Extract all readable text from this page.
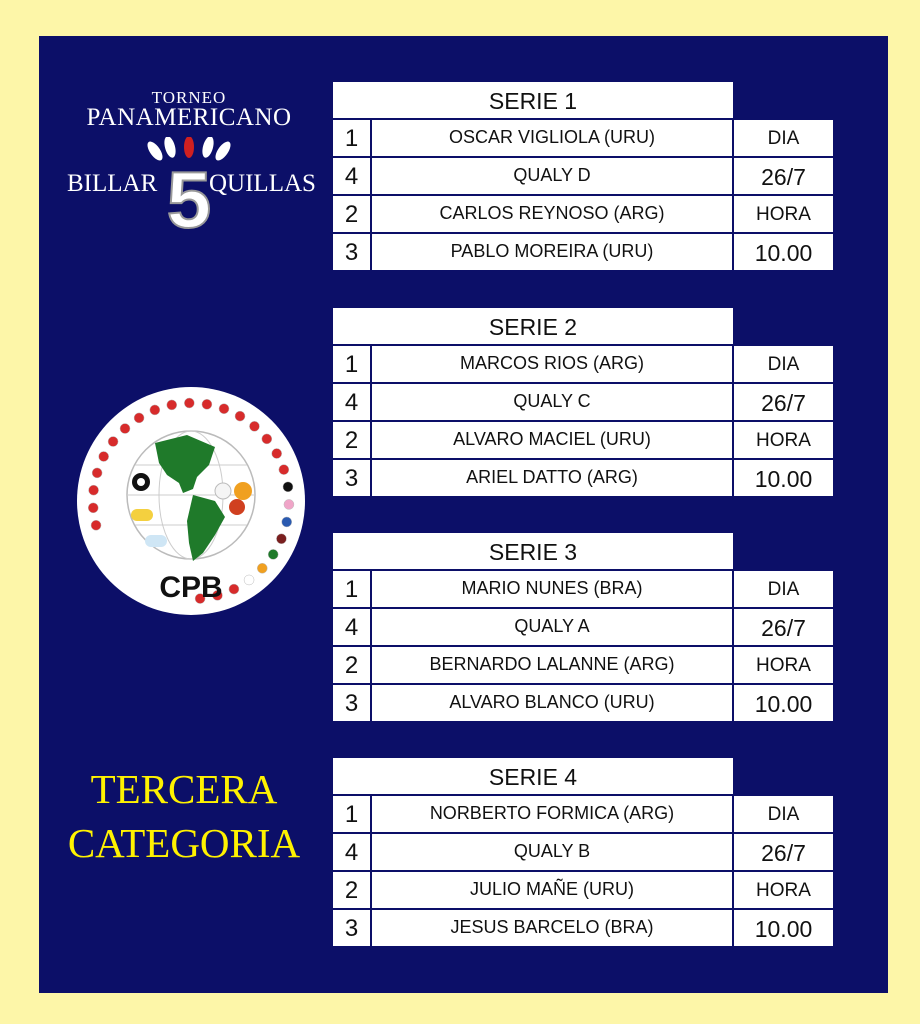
TORNEO
PANAMERICANO
5
BILLAR QUILLAS
CPB
TERCERA
CATEGORIA
SERIE 1
1	OSCAR VIGLIOLA (URU)	DIA
4	QUALY D	26/7
2	CARLOS REYNOSO (ARG)	HORA
3	PABLO MOREIRA (URU)	10.00
SERIE 2
1	MARCOS RIOS (ARG)	DIA
4	QUALY C	26/7
2	ALVARO MACIEL (URU)	HORA
3	ARIEL DATTO (ARG)	10.00
SERIE 3
1	MARIO NUNES (BRA)	DIA
4	QUALY A	26/7
2	BERNARDO LALANNE (ARG)	HORA
3	ALVARO BLANCO (URU)	10.00
SERIE 4
1	NORBERTO FORMICA (ARG)	DIA
4	QUALY B	26/7
2	JULIO MAÑE (URU)	HORA
3	JESUS BARCELO (BRA)	10.00
